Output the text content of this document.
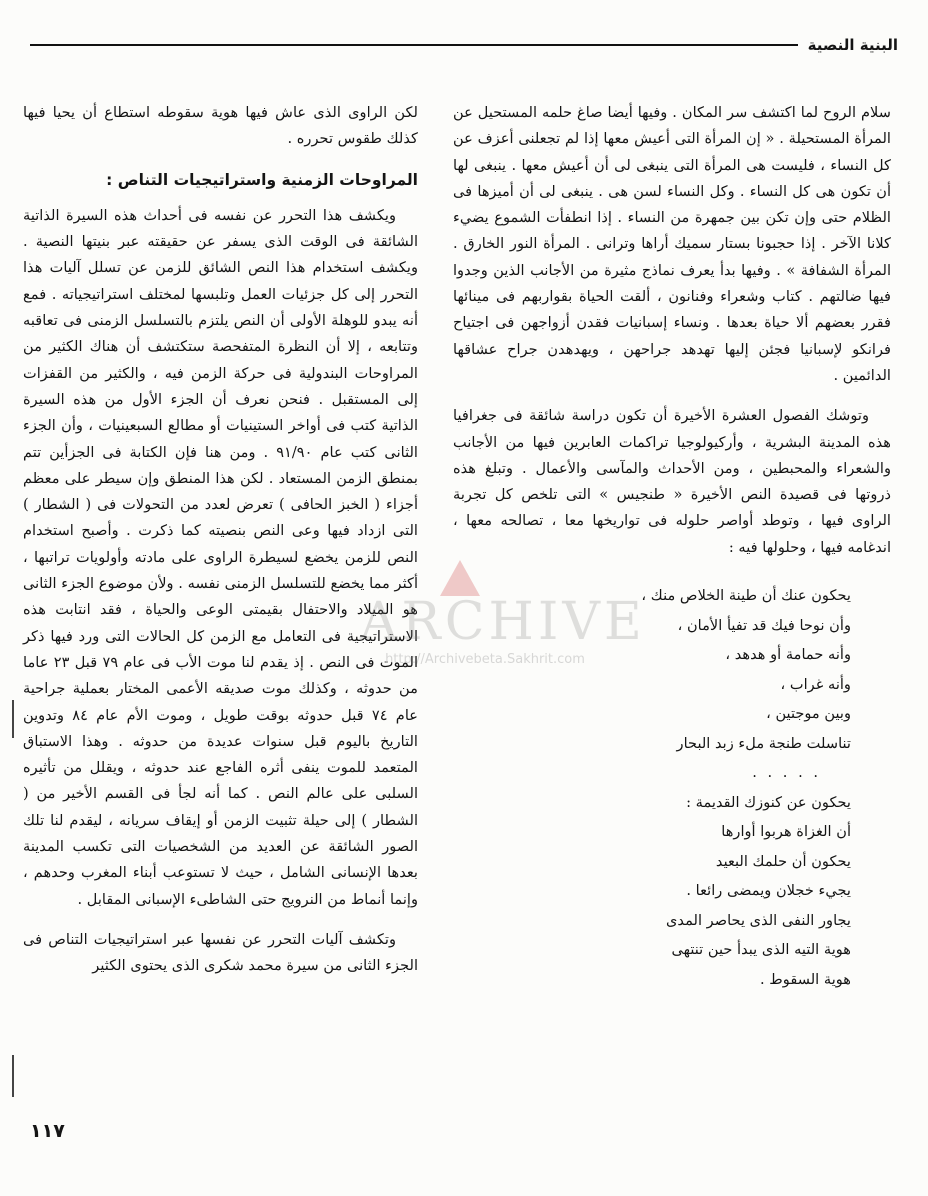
البنية النصية

سلام الروح لما اكتشف سر المكان . وفيها أيضا صاغ حلمه المستحيل عن المرأة المستحيلة . « إن المرأة التى أعيش معها إذا لم تجعلنى أعزف عن كل النساء ، فليست هى المرأة التى ينبغى لى أن أعيش معها . ينبغى لها أن تكون هى كل النساء . وكل النساء لسن هى . ينبغى لى أن أميزها فى الظلام حتى وإن تكن بين جمهرة من النساء . إذا انطفأت الشموع يضيء كلانا الآخر . إذا حجبونا بستار سميك أراها وترانى . المرأة النور الخارق . المرأة الشفافة » . وفيها بدأ يعرف نماذج مثيرة من الأجانب الذين وجدوا فيها ضالتهم . كتاب وشعراء وفنانون ، ألقت الحياة بقواربهم فى مينائها فقرر بعضهم ألا حياة بعدها . ونساء إسبانيات فقدن أزواجهن فى اجتياح فرانكو لإسبانيا فجئن إليها تهدهد جراحهن ، ويهدهدن جراح عشاقها الدائمين .

وتوشك الفصول العشرة الأخيرة أن تكون دراسة شائقة فى جغرافيا هذه المدينة البشرية ، وأركيولوجيا تراكمات العابرين فيها من الأجانب والشعراء والمحبطين ، ومن الأحداث والمآسى والأعمال . وتبلغ هذه ذروتها فى قصيدة النص الأخيرة « طنجيس » التى تلخص كل تجربة الراوى فيها ، وتوطد أواصر حلوله فى تواريخها معا ، تصالحه معها ، اندغامه فيها ، وحلولها فيه :

يحكون عنك أن طينة الخلاص منك ،
وأن نوحا فيك قد تفيأ الأمان ،
وأنه حمامة أو هدهد ،
وأنه غراب ،
وبين موجتين ،
تناسلت طنجة ملء زبد البحار
. . . . .
يحكون عن كنوزك القديمة :
أن الغزاة هربوا أوارها
يحكون أن حلمك البعيد
يجيء خجلان ويمضى رائعا .
يجاور النفى الذى يحاصر المدى
هوية التيه الذى يبدأ حين تنتهى
هوية السقوط .

لكن الراوى الذى عاش فيها هوية سقوطه استطاع أن يحيا فيها كذلك طقوس تحرره .

المراوحات الزمنية واستراتيجيات التناص :

ويكشف هذا التحرر عن نفسه فى أحداث هذه السيرة الذاتية الشائقة فى الوقت الذى يسفر عن حقيقته عبر بنيتها النصية . ويكشف استخدام هذا النص الشائق للزمن عن تسلل آليات هذا التحرر إلى كل جزئيات العمل وتلبسها لمختلف استراتيجياته . فمع أنه يبدو للوهلة الأولى أن النص يلتزم بالتسلسل الزمنى فى تعاقبه وتتابعه ، إلا أن النظرة المتفحصة ستكتشف أن هناك الكثير من المراوحات البندولية فى حركة الزمن فيه ، والكثير من القفزات إلى المستقبل . فنحن نعرف أن الجزء الأول من هذه السيرة الذاتية كتب فى أواخر الستينيات أو مطالع السبعينيات ، وأن الجزء الثانى كتب عام ٩١/٩٠ . ومن هنا فإن الكتابة فى الجزأين تتم بمنطق الزمن المستعاد . لكن هذا المنطق وإن سيطر على معظم أجزاء ( الخبز الحافى ) تعرض لعدد من التحولات فى ( الشطار ) التى ازداد فيها وعى النص بنصيته كما ذكرت . وأصبح استخدام النص للزمن يخضع لسيطرة الراوى على مادته وأولويات تراتبها ، أكثر مما يخضع للتسلسل الزمنى نفسه . ولأن موضوع الجزء الثانى هو الميلاد والاحتفال بقيمتى الوعى والحياة ، فقد انتابت هذه الاستراتيجية فى التعامل مع الزمن كل الحالات التى ورد فيها ذكر الموت فى النص . إذ يقدم لنا موت الأب فى عام ٧٩ قبل ٢٣ عاما من حدوثه ، وكذلك موت صديقه الأعمى المختار بعملية جراحية عام ٧٤ قبل حدوثه بوقت طويل ، وموت الأم عام ٨٤ وتدوين التاريخ باليوم قبل سنوات عديدة من حدوثه . وهذا الاستباق المتعمد للموت ينفى أثره الفاجع عند حدوثه ، ويقلل من تأثيره السلبى على عالم النص . كما أنه لجأ فى القسم الأخير من ( الشطار ) إلى حيلة تثبيت الزمن أو إيقاف سريانه ، ليقدم لنا تلك الصور الشائقة عن العديد من الشخصيات التى تكسب المدينة بعدها الإنسانى الشامل ، حيث لا تستوعب أبناء المغرب وحدهم ، وإنما أنماط من النرويج حتى الشاطىء الإسبانى المقابل .

وتكشف آليات التحرر عن نفسها عبر استراتيجيات التناص فى الجزء الثانى من سيرة محمد شكرى الذى يحتوى الكثير

١١٧
ARCHIVE
http://Archivebeta.Sakhrit.com
